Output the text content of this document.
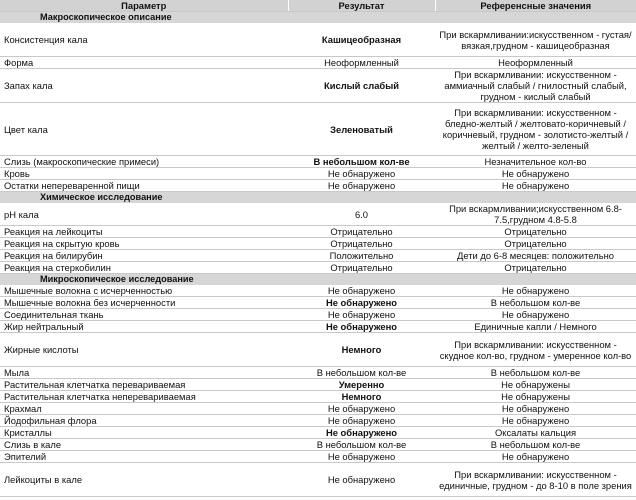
Параметр	Результат	Референсные значения
Макроскопическое описание		
Консистенция кала	Кашицеобразная	При вскармливании:искусственном - густая/вязкая,грудном - кашицеобразная
Форма	Неоформленный	Неоформленный
Запах кала	Кислый слабый	При вскармливании: искусственном - аммиачный слабый / гнилостный слабый, грудном - кислый слабый
Цвет кала	Зеленоватый	При вскармливании: искусственном - бледно-желтый / желтовато-коричневый / коричневый, грудном - золотисто-желтый / желтый / желто-зеленый
Слизь (макроскопические примеси)	В небольшом кол-ве	Незначительное кол-во
Кровь	Не обнаружено	Не обнаружено
Остатки непереваренной пищи	Не обнаружено	Не обнаружено
Химическое исследование		
pH кала	6.0	При вскармливании;искусственном 6.8-7.5,грудном 4.8-5.8
Реакция на лейкоциты	Отрицательно	Отрицательно
Реакция на скрытую кровь	Отрицательно	Отрицательно
Реакция на билирубин	Положительно	Дети до 6-8 месяцев: положительно
Реакция на стеркобилин	Отрицательно	Отрицательно
Микроскопическое исследование		
Мышечные волокна с исчерченностью	Не обнаружено	Не обнаружено
Мышечные волокна без исчерченности	Не обнаружено	В небольшом кол-ве
Соединительная ткань	Не обнаружено	Не обнаружено
Жир нейтральный	Не обнаружено	Единичные капли / Немного
Жирные кислоты	Немного	При вскармливании: искусственном - скудное кол-во, грудном - умеренное кол-во
Мыла	В небольшом кол-ве	В небольшом кол-ве
Растительная клетчатка перевариваемая	Умеренно	Не обнаружены
Растительная клетчатка неперевариваемая	Немного	Не обнаружены
Крахмал	Не обнаружено	Не обнаружено
Йодофильная флора	Не обнаружено	Не обнаружено
Кристаллы	Не обнаружено	Оксалаты кальция
Слизь в кале	В небольшом кол-ве	В небольшом кол-ве
Эпителий	Не обнаружено	Не обнаружено
Лейкоциты в кале	Не обнаружено	При вскармливании: искусственном - единичные, грудном - до 8-10 в поле зрения
